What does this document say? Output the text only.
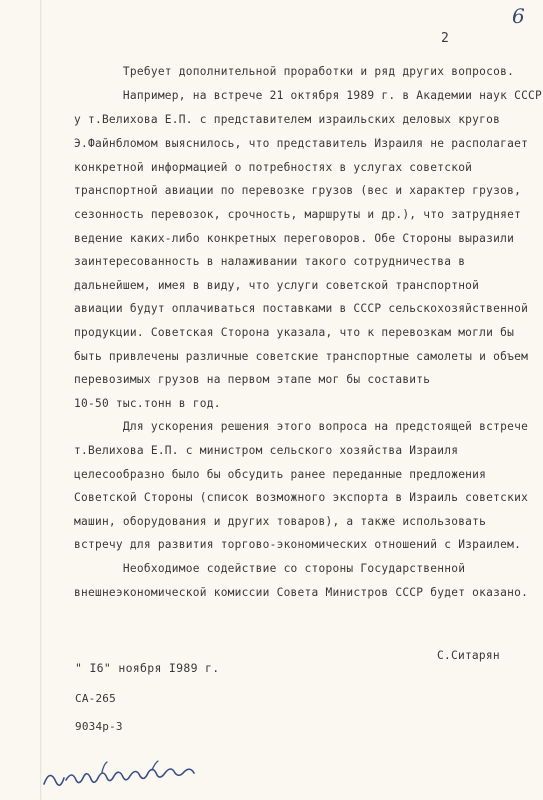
6
2
Требует дополнительной проработки и ряд других вопросов.
Например, на встрече 21 октября 1989 г. в Академии наук СССР
у т.Велихова Е.П. с представителем израильских деловых кругов
Э.Файнбломом выяснилось, что представитель Израиля не располагает
конкретной информацией о потребностях в услугах советской
транспортной авиации по перевозке грузов (вес и характер грузов,
сезонность перевозок, срочность, маршруты и др.), что затрудняет
ведение каких-либо конкретных переговоров. Обе Стороны выразили
заинтересованность в налаживании такого сотрудничества в
дальнейшем, имея в виду, что услуги советской транспортной
авиации будут оплачиваться поставками в СССР сельскохозяйственной
продукции. Советская Сторона указала, что к перевозкам могли бы
быть привлечены различные советские транспортные самолеты и объем
перевозимых грузов на первом этапе мог бы составить
10-50 тыс.тонн в год.
Для ускорения решения этого вопроса на предстоящей встрече
т.Велихова Е.П. с министром сельского хозяйства Израиля
целесообразно было бы обсудить ранее переданные предложения
Советской Стороны (список возможного экспорта в Израиль советских
машин, оборудования и других товаров), а также использовать
встречу для развития торгово-экономических отношений с Израилем.
Необходимое содействие со стороны Государственной
внешнеэкономической комиссии Совета Министров СССР будет оказано.
С.Ситарян
" I6" ноября I989 г.
СА-265
9034р-3
